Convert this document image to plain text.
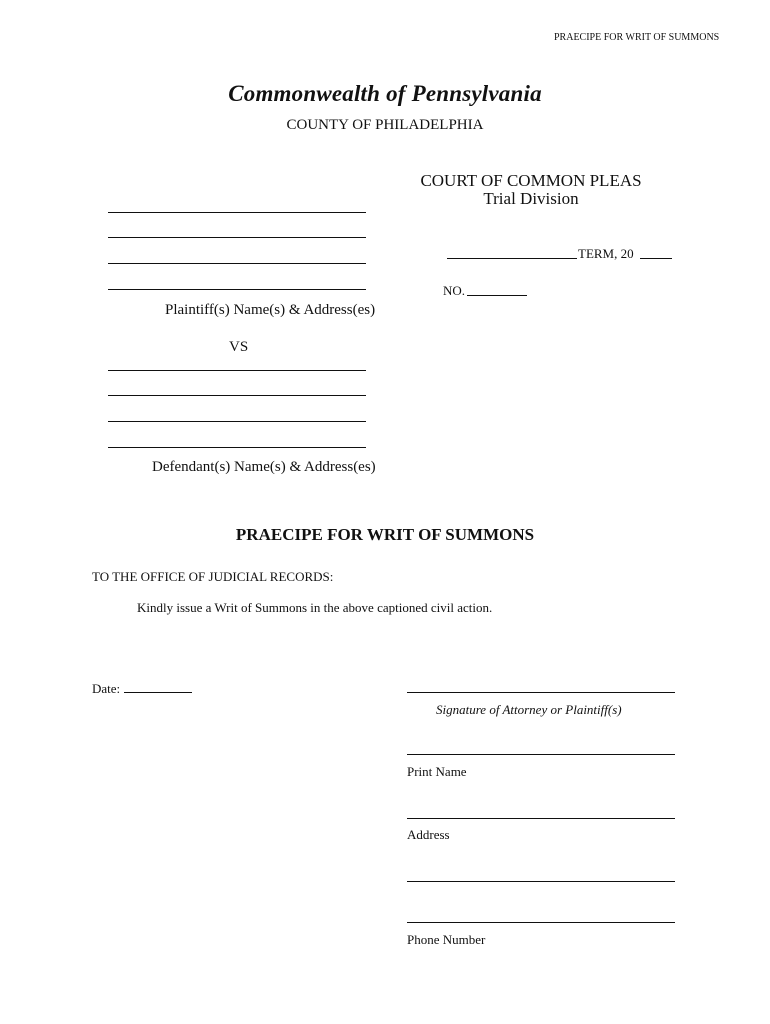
PRAECIPE FOR WRIT OF SUMMONS
Commonwealth of Pennsylvania
COUNTY OF PHILADELPHIA
COURT OF COMMON PLEAS
Trial Division
TERM, 20
NO.
Plaintiff(s) Name(s) & Address(es)
VS
Defendant(s) Name(s) & Address(es)
PRAECIPE FOR WRIT OF SUMMONS
TO THE OFFICE OF JUDICIAL RECORDS:
Kindly issue a Writ of Summons in the above captioned civil action.
Date:
Signature of Attorney or Plaintiff(s)
Print Name
Address
Phone Number
